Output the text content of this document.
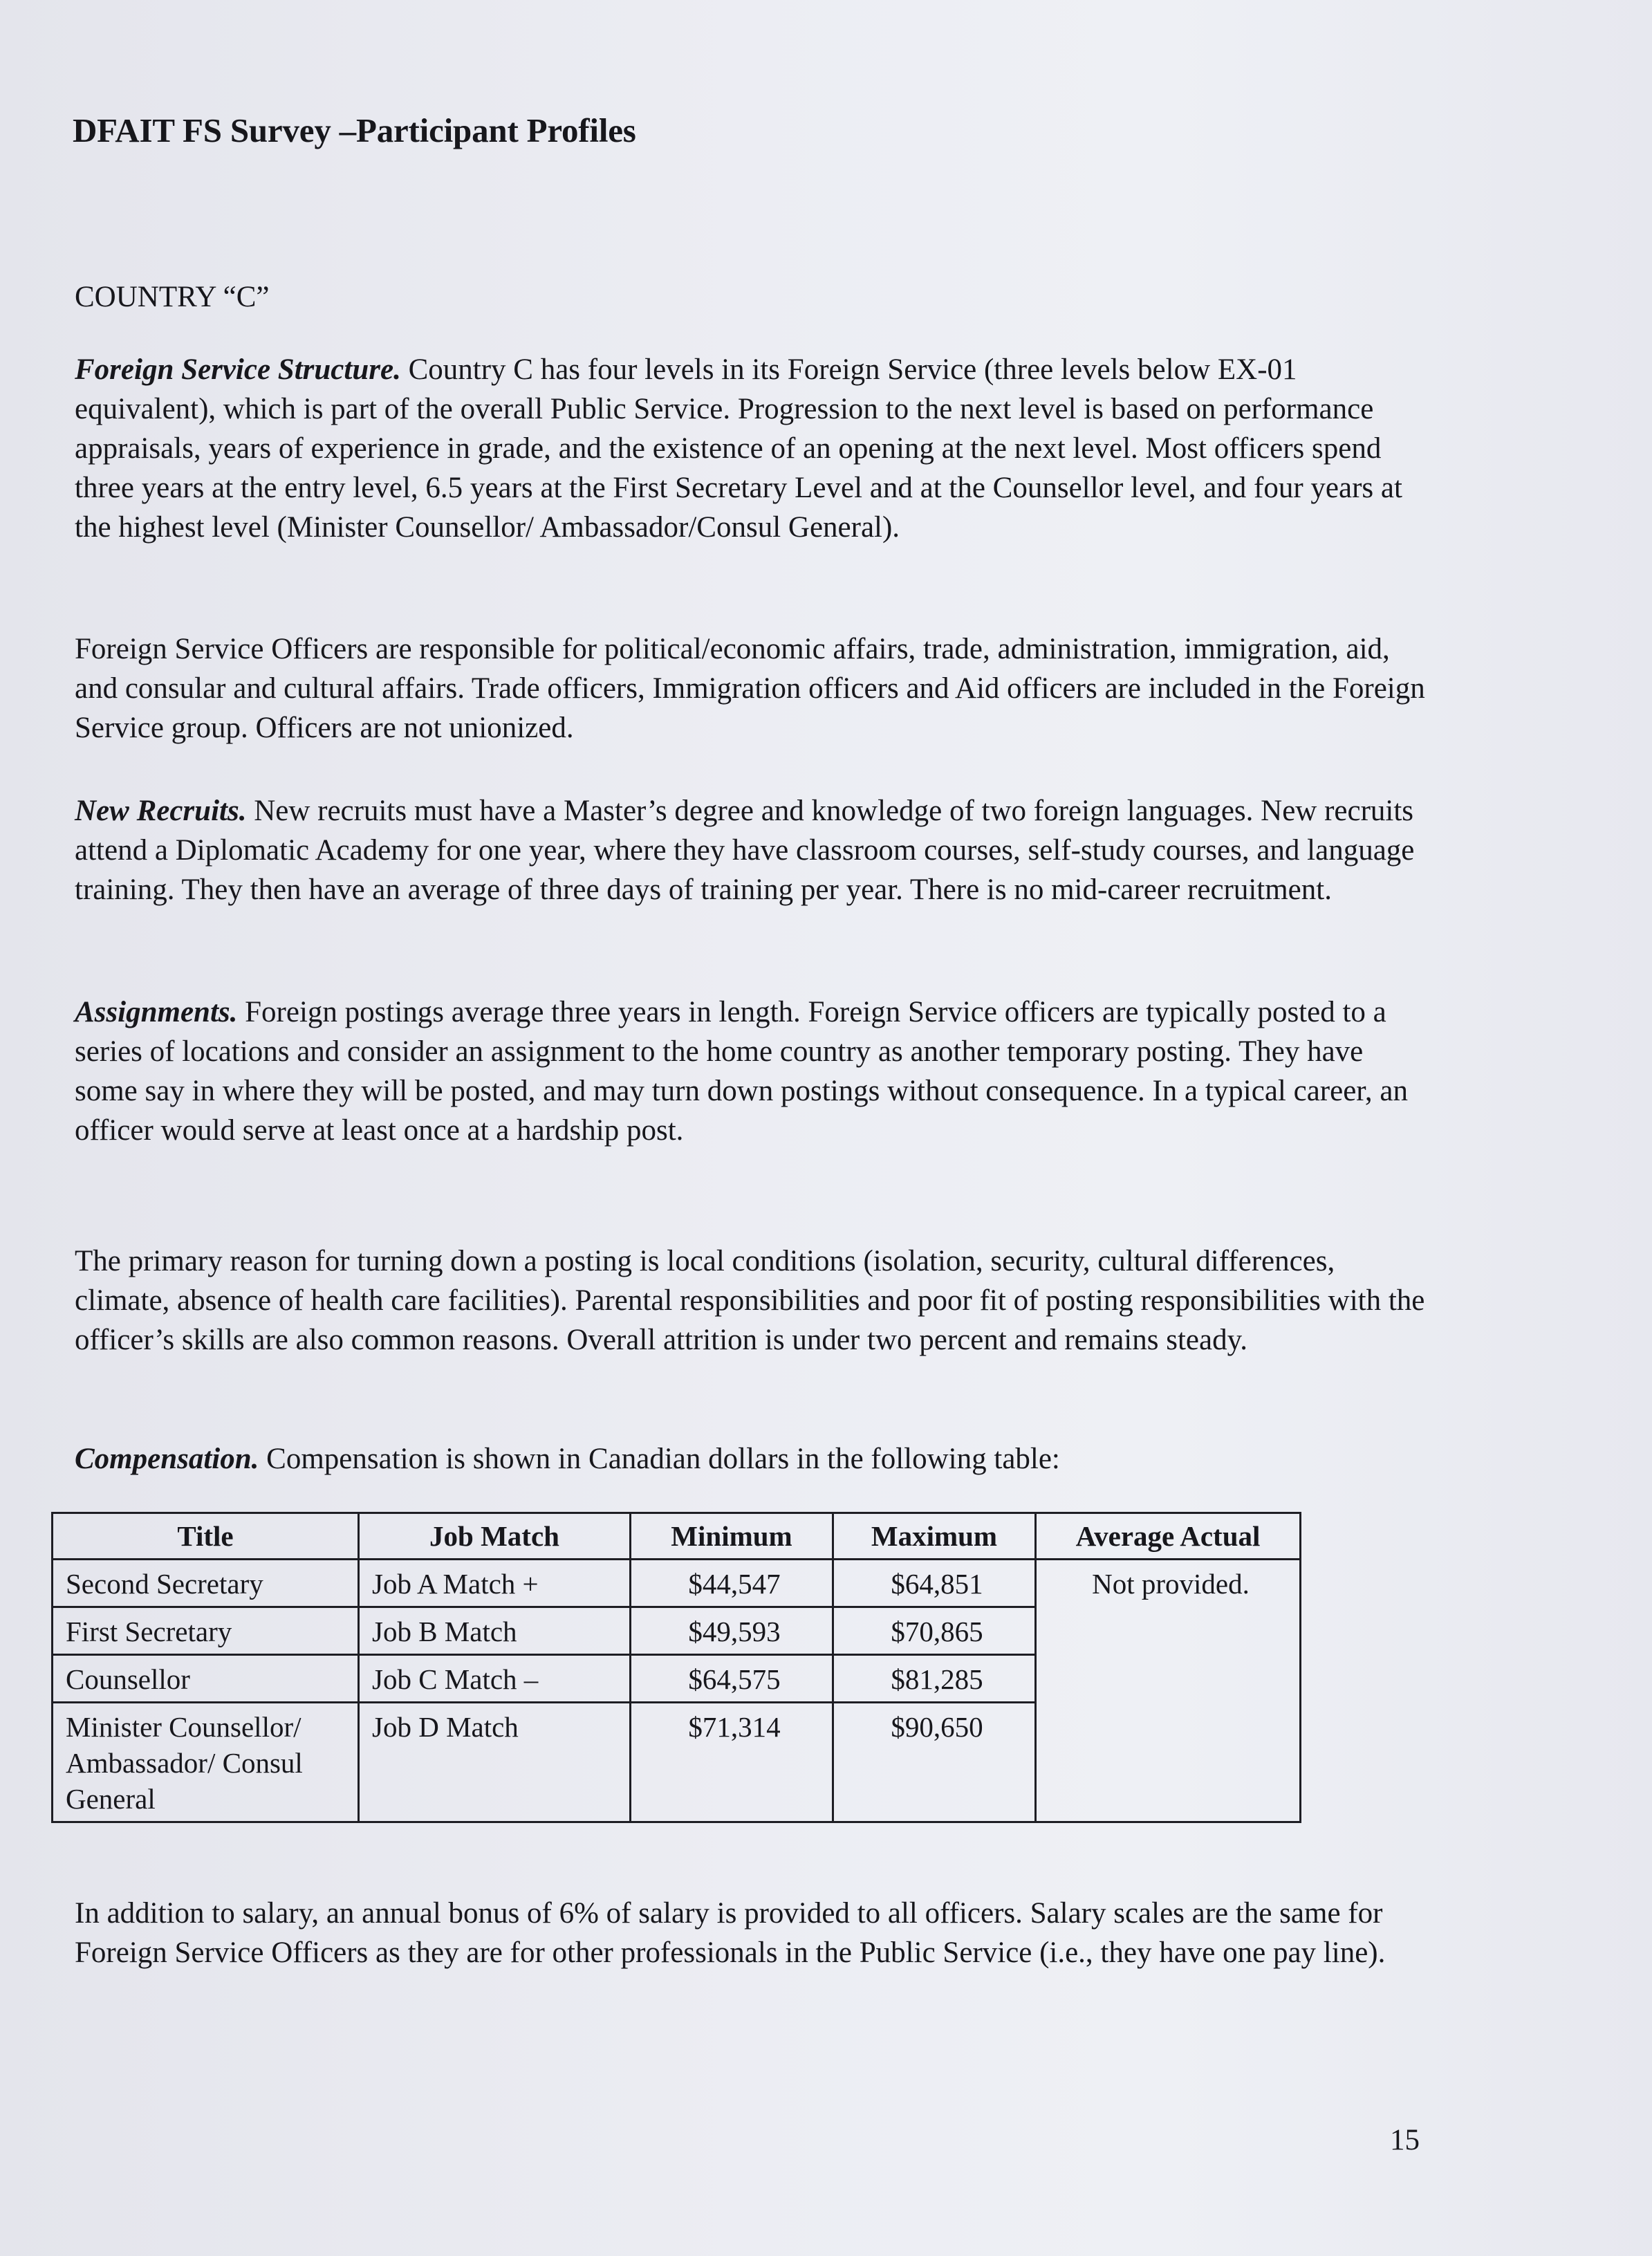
DFAIT FS Survey –Participant Profiles
COUNTRY “C”
Foreign Service Structure. Country C has four levels in its Foreign Service (three levels below EX-01 equivalent), which is part of the overall Public Service. Progression to the next level is based on performance appraisals, years of experience in grade, and the existence of an opening at the next level. Most officers spend three years at the entry level, 6.5 years at the First Secretary Level and at the Counsellor level, and four years at the highest level (Minister Counsellor/ Ambassador/Consul General).
Foreign Service Officers are responsible for political/economic affairs, trade, administration, immigration, aid, and consular and cultural affairs. Trade officers, Immigration officers and Aid officers are included in the Foreign Service group. Officers are not unionized.
New Recruits. New recruits must have a Master’s degree and knowledge of two foreign languages. New recruits attend a Diplomatic Academy for one year, where they have classroom courses, self-study courses, and language training. They then have an average of three days of training per year. There is no mid-career recruitment.
Assignments. Foreign postings average three years in length. Foreign Service officers are typically posted to a series of locations and consider an assignment to the home country as another temporary posting. They have some say in where they will be posted, and may turn down postings without consequence. In a typical career, an officer would serve at least once at a hardship post.
The primary reason for turning down a posting is local conditions (isolation, security, cultural differences, climate, absence of health care facilities). Parental responsibilities and poor fit of posting responsibilities with the officer’s skills are also common reasons. Overall attrition is under two percent and remains steady.
Compensation. Compensation is shown in Canadian dollars in the following table:
Title	Job Match	Minimum	Maximum	Average Actual
Second Secretary	Job A Match +	$44,547	$64,851	Not provided.
First Secretary	Job B Match	$49,593	$70,865	
Counsellor	Job C Match –	$64,575	$81,285	
Minister Counsellor/ Ambassador/ Consul General	Job D Match	$71,314	$90,650	
In addition to salary, an annual bonus of 6% of salary is provided to all officers. Salary scales are the same for Foreign Service Officers as they are for other professionals in the Public Service (i.e., they have one pay line).
15
